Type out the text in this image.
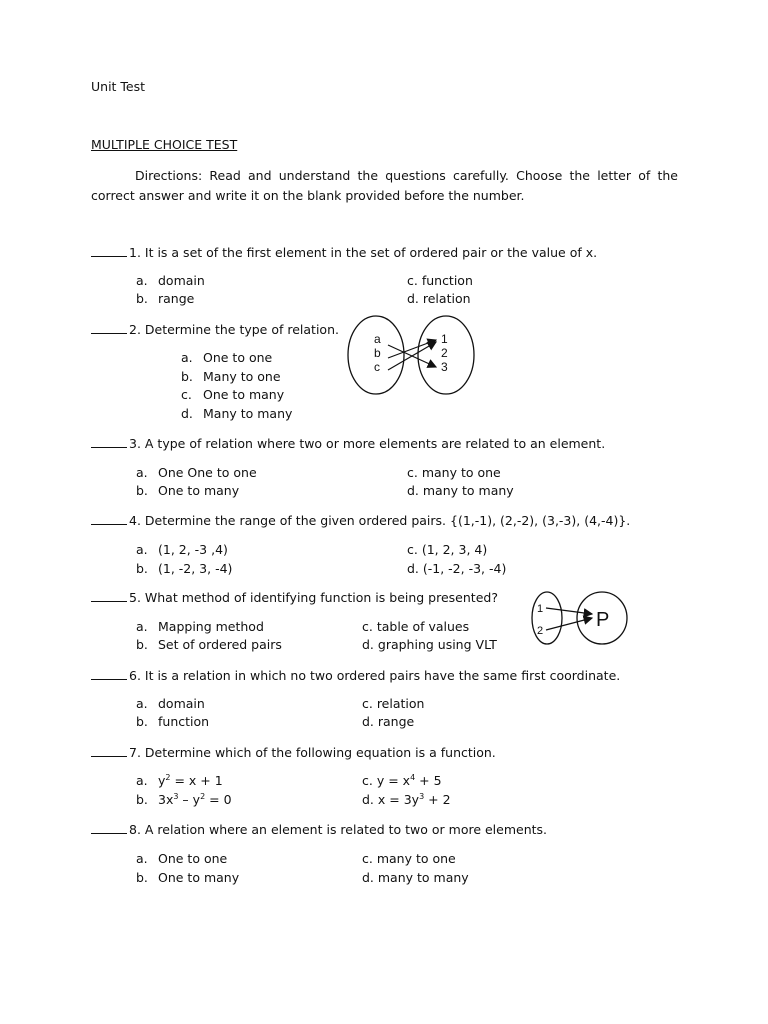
Unit Test
MULTIPLE CHOICE TEST
Directions: Read and understand the questions carefully. Choose the letter of the correct answer and write it on the blank provided before the number.
1. It is a set of the first element in the set of ordered pair or the value of x.
a. domain
b. range
c. function
d. relation
2. Determine the type of relation.
a. One to one
b. Many to one
c. One to many
d. Many to many
a
b
c
1
2
3
3. A type of relation where two or more elements are related to an element.
a. One One to one
b. One to many
c. many to one
d. many to many
4. Determine the range of the given ordered pairs. {(1,-1), (2,-2), (3,-3), (4,-4)}.
a. (1, 2, -3 ,4)
b. (1, -2, 3, -4)
c. (1, 2, 3, 4)
d. (-1, -2, -3, -4)
5. What method of identifying function is being presented?
a. Mapping method
b. Set of ordered pairs
c. table of values
d. graphing using VLT
1
2	P
6. It is a relation in which no two ordered pairs have the same first coordinate.
a. domain
b. function
c. relation
d. range
7. Determine which of the following equation is a function.
a. $y^2 = x + 1$
b. $3x^3 - y^2 = 0$
c. $y = x^4 + 5$
d. $x = 3y^3 + 2$
8. A relation where an element is related to two or more elements.
a. One to one
b. One to many
c. many to one
d. many to many
